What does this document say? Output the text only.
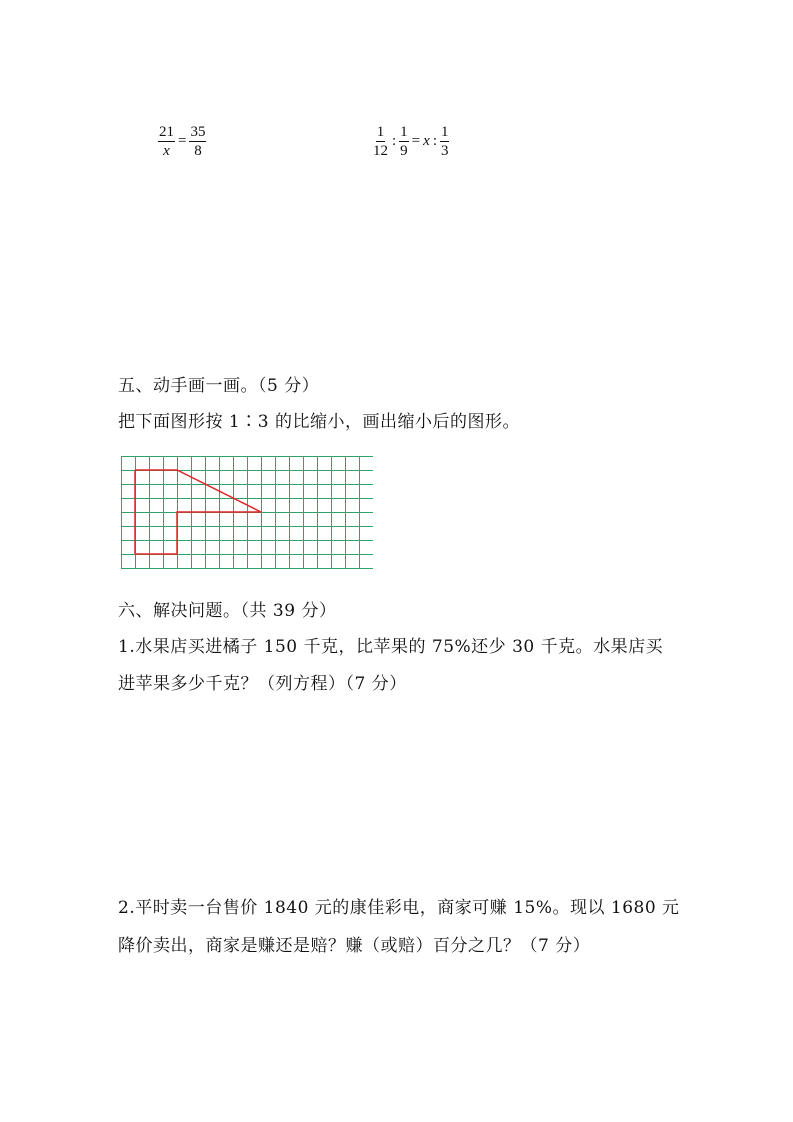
$\frac{21}{x} = \frac{35}{8}$	$\frac{1}{12}$ : $\frac{1}{9} = x$ : $\frac{1}{3}$
五、动手画一画。（5 分）
把下面图形按 1∶3 的比缩小，画出缩小后的图形。
六、解决问题。（共 39 分）
1.水果店买进橘子 150 千克，比苹果的 75%还少 30 千克。水果店买
进苹果多少千克？（列方程）（7 分）
2.平时卖一台售价 1840 元的康佳彩电，商家可赚 15%。现以 1680 元
降价卖出，商家是赚还是赔？赚（或赔）百分之几？（7 分）
